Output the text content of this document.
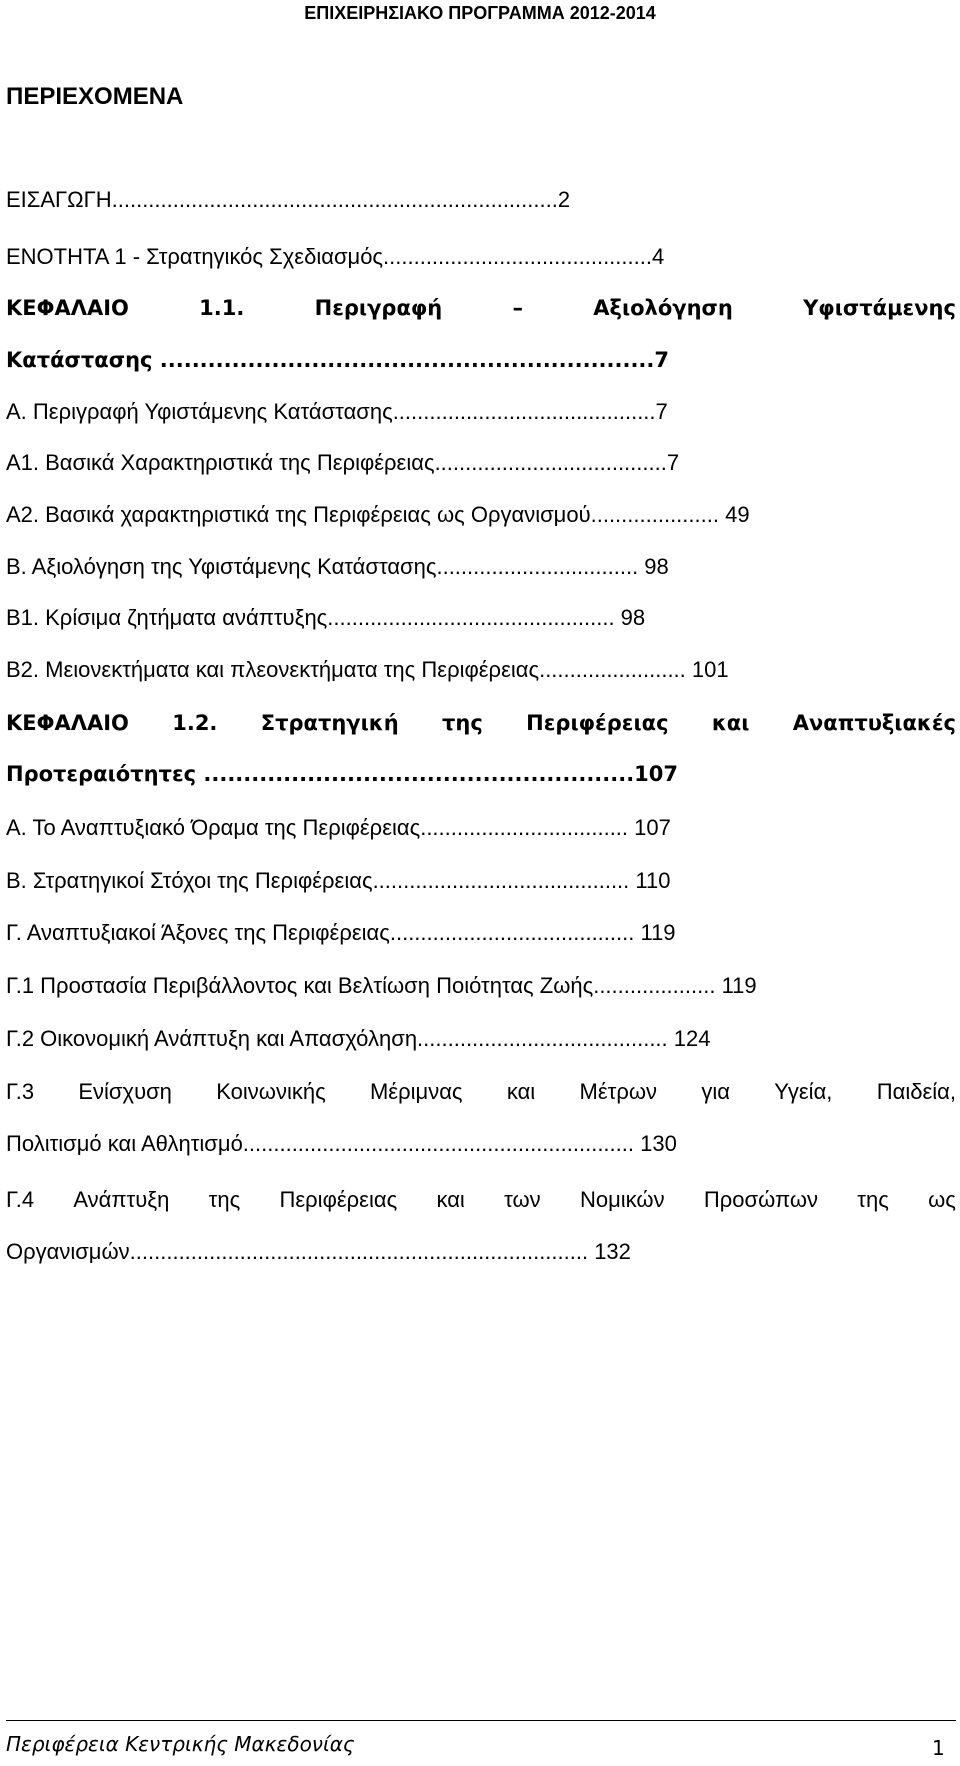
ΕΠΙΧΕΙΡΗΣΙΑΚΟ ΠΡΟΓΡΑΜΜΑ 2012-2014
ΠΕΡΙΕΧΟΜΕΝΑ
ΕΙΣΑΓΩΓΗ.........................................................................2
ΕΝΟΤΗΤΑ 1 - Στρατηγικός Σχεδιασμός............................................4
ΚΕΦΑΛΑΙΟ	1.1.	Περιγραφή	–	Αξιολόγηση	Υφιστάμενης
Κατάστασης ..............................................................7
Α. Περιγραφή Υφιστάμενης Κατάστασης...........................................7
Α1. Βασικά Χαρακτηριστικά της Περιφέρειας......................................7
Α2. Βασικά χαρακτηριστικά της Περιφέρειας ως Οργανισμού..................... 49
Β. Αξιολόγηση της Υφιστάμενης Κατάστασης................................. 98
Β1. Κρίσιμα ζητήματα ανάπτυξης............................................... 98
Β2. Μειονεκτήματα και πλεονεκτήματα της Περιφέρειας........................ 101
ΚΕΦΑΛΑΙΟ 1.2. Στρατηγική της Περιφέρειας και Αναπτυξιακές
Προτεραιότητες ......................................................107
Α. Το Αναπτυξιακό Όραμα της Περιφέρειας.................................. 107
Β. Στρατηγικοί Στόχοι της Περιφέρειας.......................................... 110
Γ. Αναπτυξιακοί Άξονες της Περιφέρειας........................................ 119
Γ.1 Προστασία Περιβάλλοντος και Βελτίωση Ποιότητας Ζωής.................... 119
Γ.2 Οικονομική Ανάπτυξη και Απασχόληση......................................... 124
Γ.3 Ενίσχυση Κοινωνικής Μέριμνας και Μέτρων για Υγεία, Παιδεία,
Πολιτισμό και Αθλητισμό................................................................ 130
Γ.4 Ανάπτυξη της Περιφέρειας και των Νομικών Προσώπων της ως
Οργανισμών........................................................................... 132
Περιφέρεια Κεντρικής Μακεδονίας	1
